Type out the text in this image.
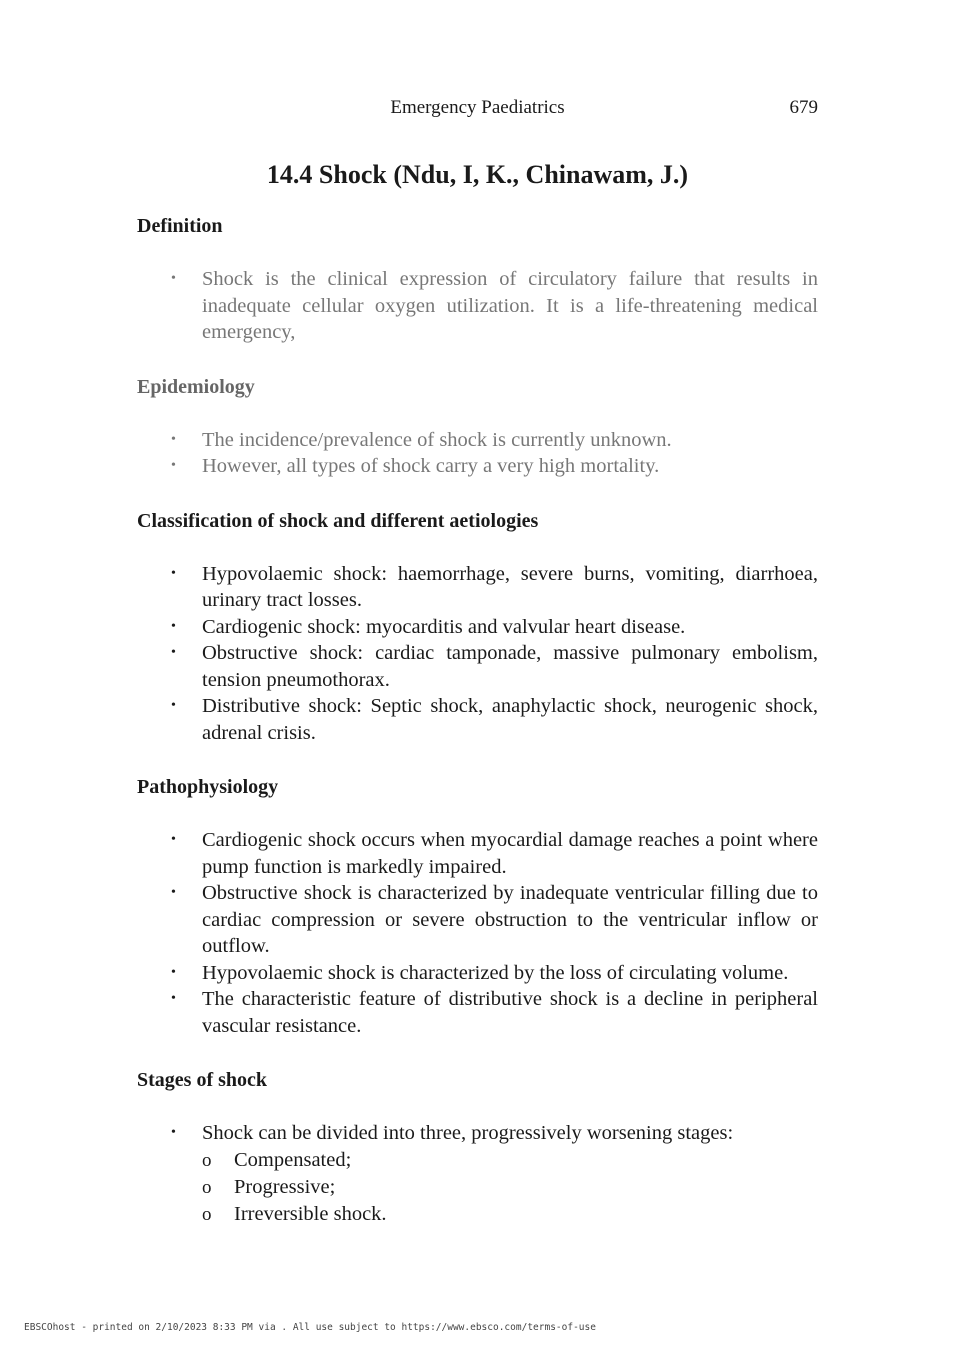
Emergency Paediatrics	679
14.4 Shock (Ndu, I, K., Chinawam, J.)
Definition
• Shock is the clinical expression of circulatory failure that results in inadequate cellular oxygen utilization. It is a life-threatening medical emergency,
Epidemiology
• The incidence/prevalence of shock is currently unknown.
• However, all types of shock carry a very high mortality.
Classification of shock and different aetiologies
• Hypovolaemic shock: haemorrhage, severe burns, vomiting, diarrhoea, urinary tract losses.
• Cardiogenic shock: myocarditis and valvular heart disease.
• Obstructive shock: cardiac tamponade, massive pulmonary embolism, tension pneumothorax.
• Distributive shock: Septic shock, anaphylactic shock, neurogenic shock, adrenal crisis.
Pathophysiology
• Cardiogenic shock occurs when myocardial damage reaches a point where pump function is markedly impaired.
• Obstructive shock is characterized by inadequate ventricular filling due to cardiac compression or severe obstruction to the ventricular inflow or outflow.
• Hypovolaemic shock is characterized by the loss of circulating volume.
• The characteristic feature of distributive shock is a decline in peripheral vascular resistance.
Stages of shock
• Shock can be divided into three, progressively worsening stages:
o Compensated;
o Progressive;
o Irreversible shock.
EBSCOhost - printed on 2/10/2023 8:33 PM via . All use subject to https://www.ebsco.com/terms-of-use
